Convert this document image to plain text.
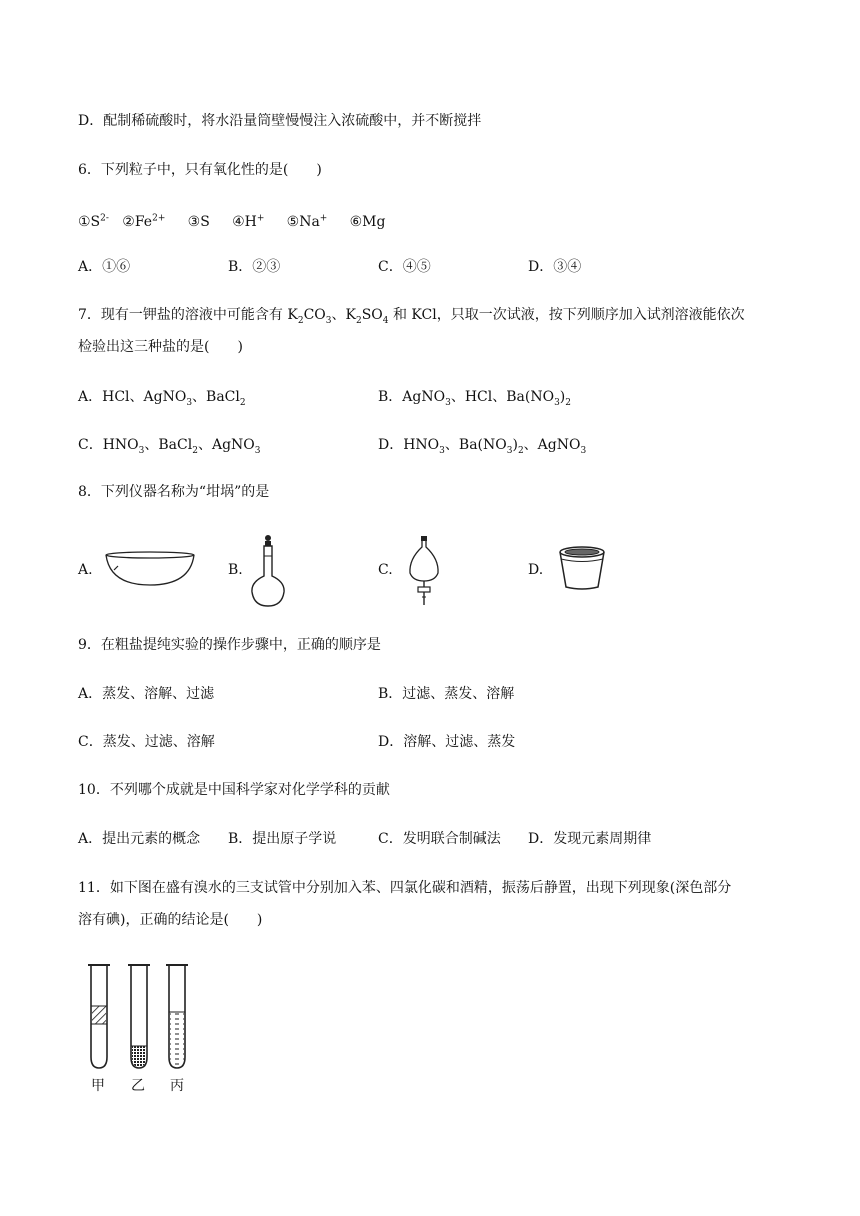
D．配制稀硫酸时，将水沿量筒壁慢慢注入浓硫酸中，并不断搅拌
6．下列粒子中，只有氧化性的是(　　)
$①S^{2-}$ $②Fe^{2+}$ ③S ④H+ ⑤Na+ ⑥Mg
A．①⑥	B．②③	C．④⑤	D．③④
7．现有一钾盐的溶液中可能含有 $K_2CO_3$、$K_2SO_4$ 和 KCl，只取一次试液，按下列顺序加入试剂溶液能依次
检验出这三种盐的是(　　)
A．HCl、AgNO$_3$、BaCl$_2$	B．AgNO$_3$、HCl、$Ba(NO_3)_2$
C．$HNO_3$、BaCl$_2$、AgNO$_3$	D．$HNO_3$、$Ba(NO_3)_2$、AgNO$_3$
8．下列仪器名称为“坩埚”的是
A.	B.	C.	D.
9．在粗盐提纯实验的操作步骤中，正确的顺序是
A．蒸发、溶解、过滤	B．过滤、蒸发、溶解
C．蒸发、过滤、溶解	D．溶解、过滤、蒸发
10．不列哪个成就是中国科学家对化学学科的贡献
A．提出元素的概念 B．提出原子学说	C．发明联合制碱法 D．发现元素周期律
11．如下图在盛有溴水的三支试管中分别加入苯、四氯化碳和酒精，振荡后静置，出现下列现象(深色部分
溶有碘)，正确的结论是(　　)
甲 乙 丙
